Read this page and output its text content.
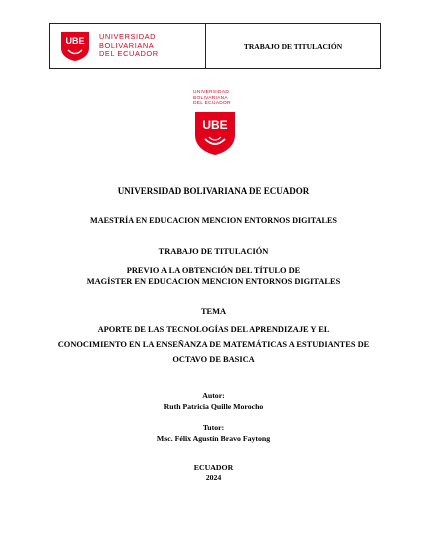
UBE UNIVERSIDAD
BOLIVARIANA
DEL ECUADOR
TRABAJO DE TITULACIÓN
UNIVERSIDAD
BOLIVARIANA
DEL ECUADOR
UBE
UNIVERSIDAD BOLIVARIANA DE ECUADOR
MAESTRÍA EN EDUCACION MENCION ENTORNOS DIGITALES
TRABAJO DE TITULACIÓN
PREVIO A LA OBTENCIÓN DEL TÍTULO DE
MAGÍSTER EN EDUCACION MENCION ENTORNOS DIGITALES
TEMA
APORTE DE LAS TECNOLOGÍAS DEL APRENDIZAJE Y EL
CONOCIMIENTO EN LA ENSEÑANZA DE MATEMÁTICAS A ESTUDIANTES DE
OCTAVO DE BASICA
Autor:
Ruth Patricia Quille Morocho
Tutor:
Msc. Félix Agustín Bravo Faytong
ECUADOR
2024
